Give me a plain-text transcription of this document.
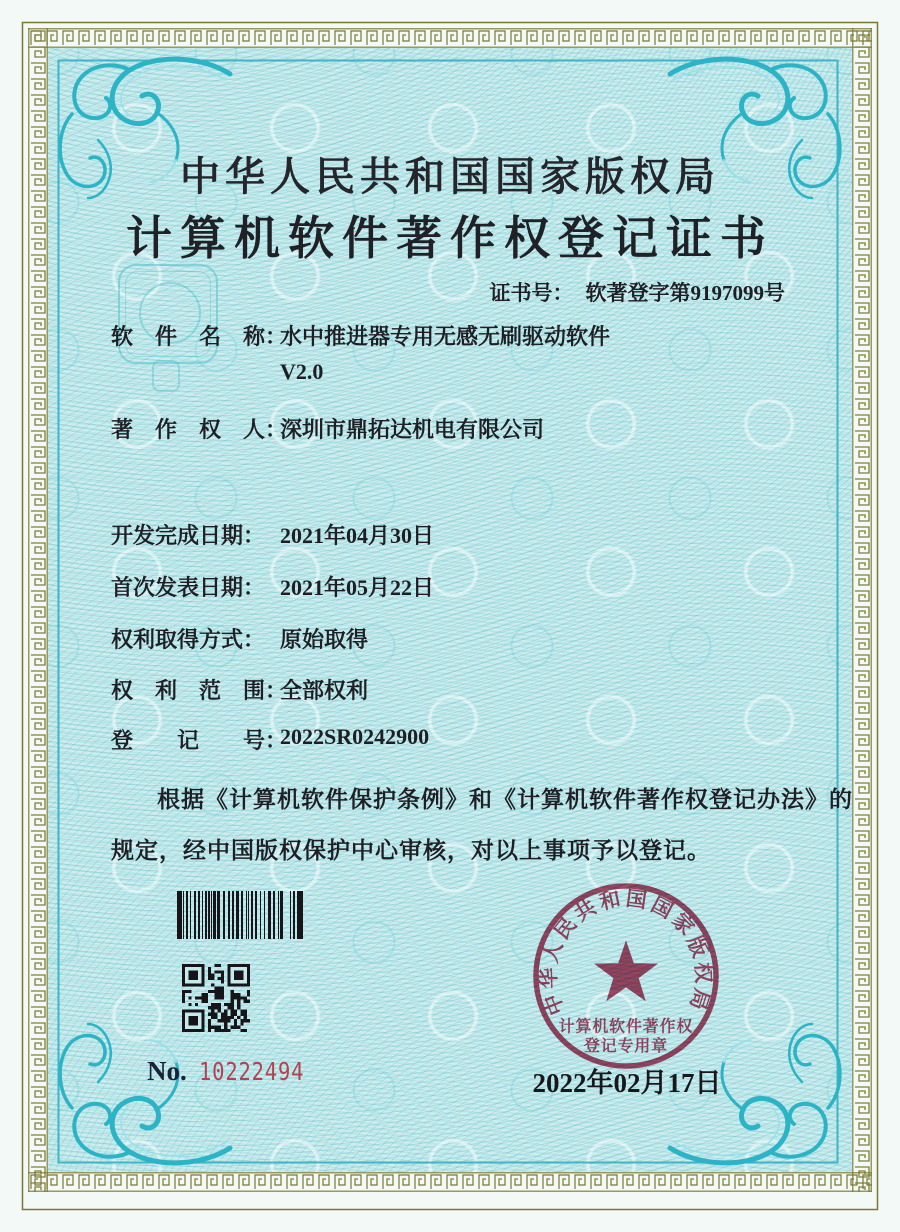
中华人民共和国国家版权局
计算机软件著作权登记证书
证书号： 软著登字第9197099号
软　件　名　称：
水中推进器专用无感无刷驱动软件
V2.0
著　作　权　人：
深圳市鼎拓达机电有限公司
开发完成日期： 2021年04月30日
首次发表日期： 2021年05月22日
权利取得方式： 原始取得
权　利　范　围：
全部权利
登　　记　　号：
2022SR0242900
根据《计算机软件保护条例》和《计算机软件著作权登记办法》的
规定，经中国版权保护中心审核，对以上事项予以登记。
No. 10222494
中华人民共和国国家版权局
计算机软件著作权
登记专用章
2022年02月17日
